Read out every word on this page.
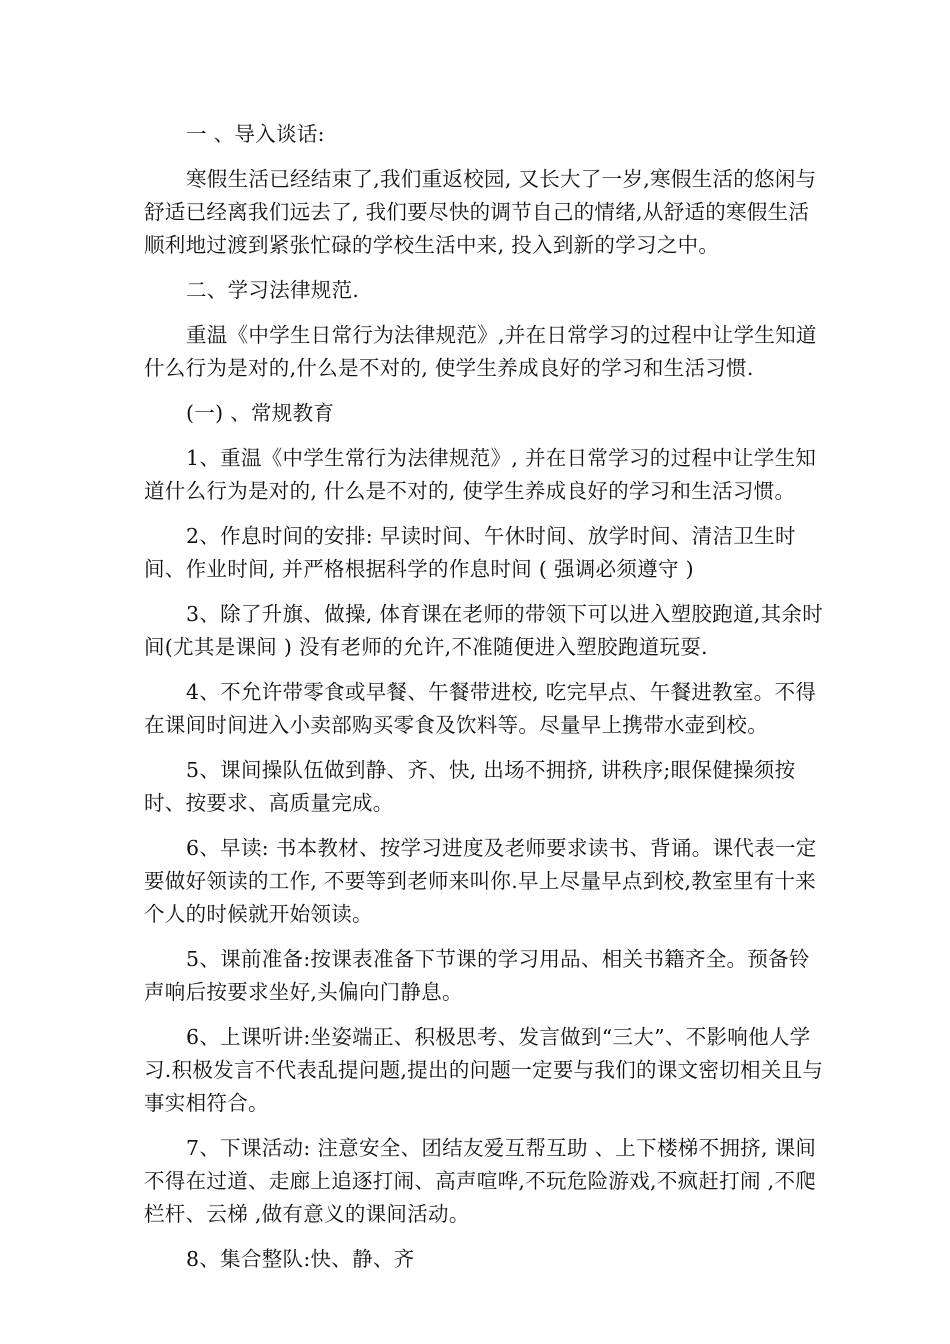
一 、导入谈话:

寒假生活已经结束了,我们重返校园, 又长大了一岁,寒假生活的悠闲与舒适已经离我们远去了, 我们要尽快的调节自己的情绪,从舒适的寒假生活顺利地过渡到紧张忙碌的学校生活中来, 投入到新的学习之中。

二、学习法律规范.

重温《中学生日常行为法律规范》,并在日常学习的过程中让学生知道什么行为是对的,什么是不对的, 使学生养成良好的学习和生活习惯.

(一) 、常规教育

1、重温《中学生常行为法律规范》, 并在日常学习的过程中让学生知道什么行为是对的, 什么是不对的, 使学生养成良好的学习和生活习惯。

2、作息时间的安排: 早读时间、午休时间、放学时间、清洁卫生时间、作业时间, 并严格根据科学的作息时间 ( 强调必须遵守 )

3、除了升旗、做操, 体育课在老师的带领下可以进入塑胶跑道,其余时间(尤其是课间 ) 没有老师的允许,不准随便进入塑胶跑道玩耍.

4、不允许带零食或早餐、午餐带进校, 吃完早点、午餐进教室。不得在课间时间进入小卖部购买零食及饮料等。尽量早上携带水壶到校。

5、课间操队伍做到静、齐、快, 出场不拥挤, 讲秩序;眼保健操须按时、按要求、高质量完成。

6、早读: 书本教材、按学习进度及老师要求读书、背诵。课代表一定要做好领读的工作, 不要等到老师来叫你.早上尽量早点到校,教室里有十来个人的时候就开始领读。

5、课前准备:按课表准备下节课的学习用品、相关书籍齐全。预备铃声响后按要求坐好,头偏向门静息。

6、上课听讲:坐姿端正、积极思考、发言做到“三大”、不影响他人学习.积极发言不代表乱提问题,提出的问题一定要与我们的课文密切相关且与事实相符合。

7、下课活动: 注意安全、团结友爱互帮互助 、上下楼梯不拥挤, 课间不得在过道、走廊上追逐打闹、高声喧哗,不玩危险游戏,不疯赶打闹 ,不爬栏杆、云梯 ,做有意义的课间活动。

8、集合整队:快、静、齐
